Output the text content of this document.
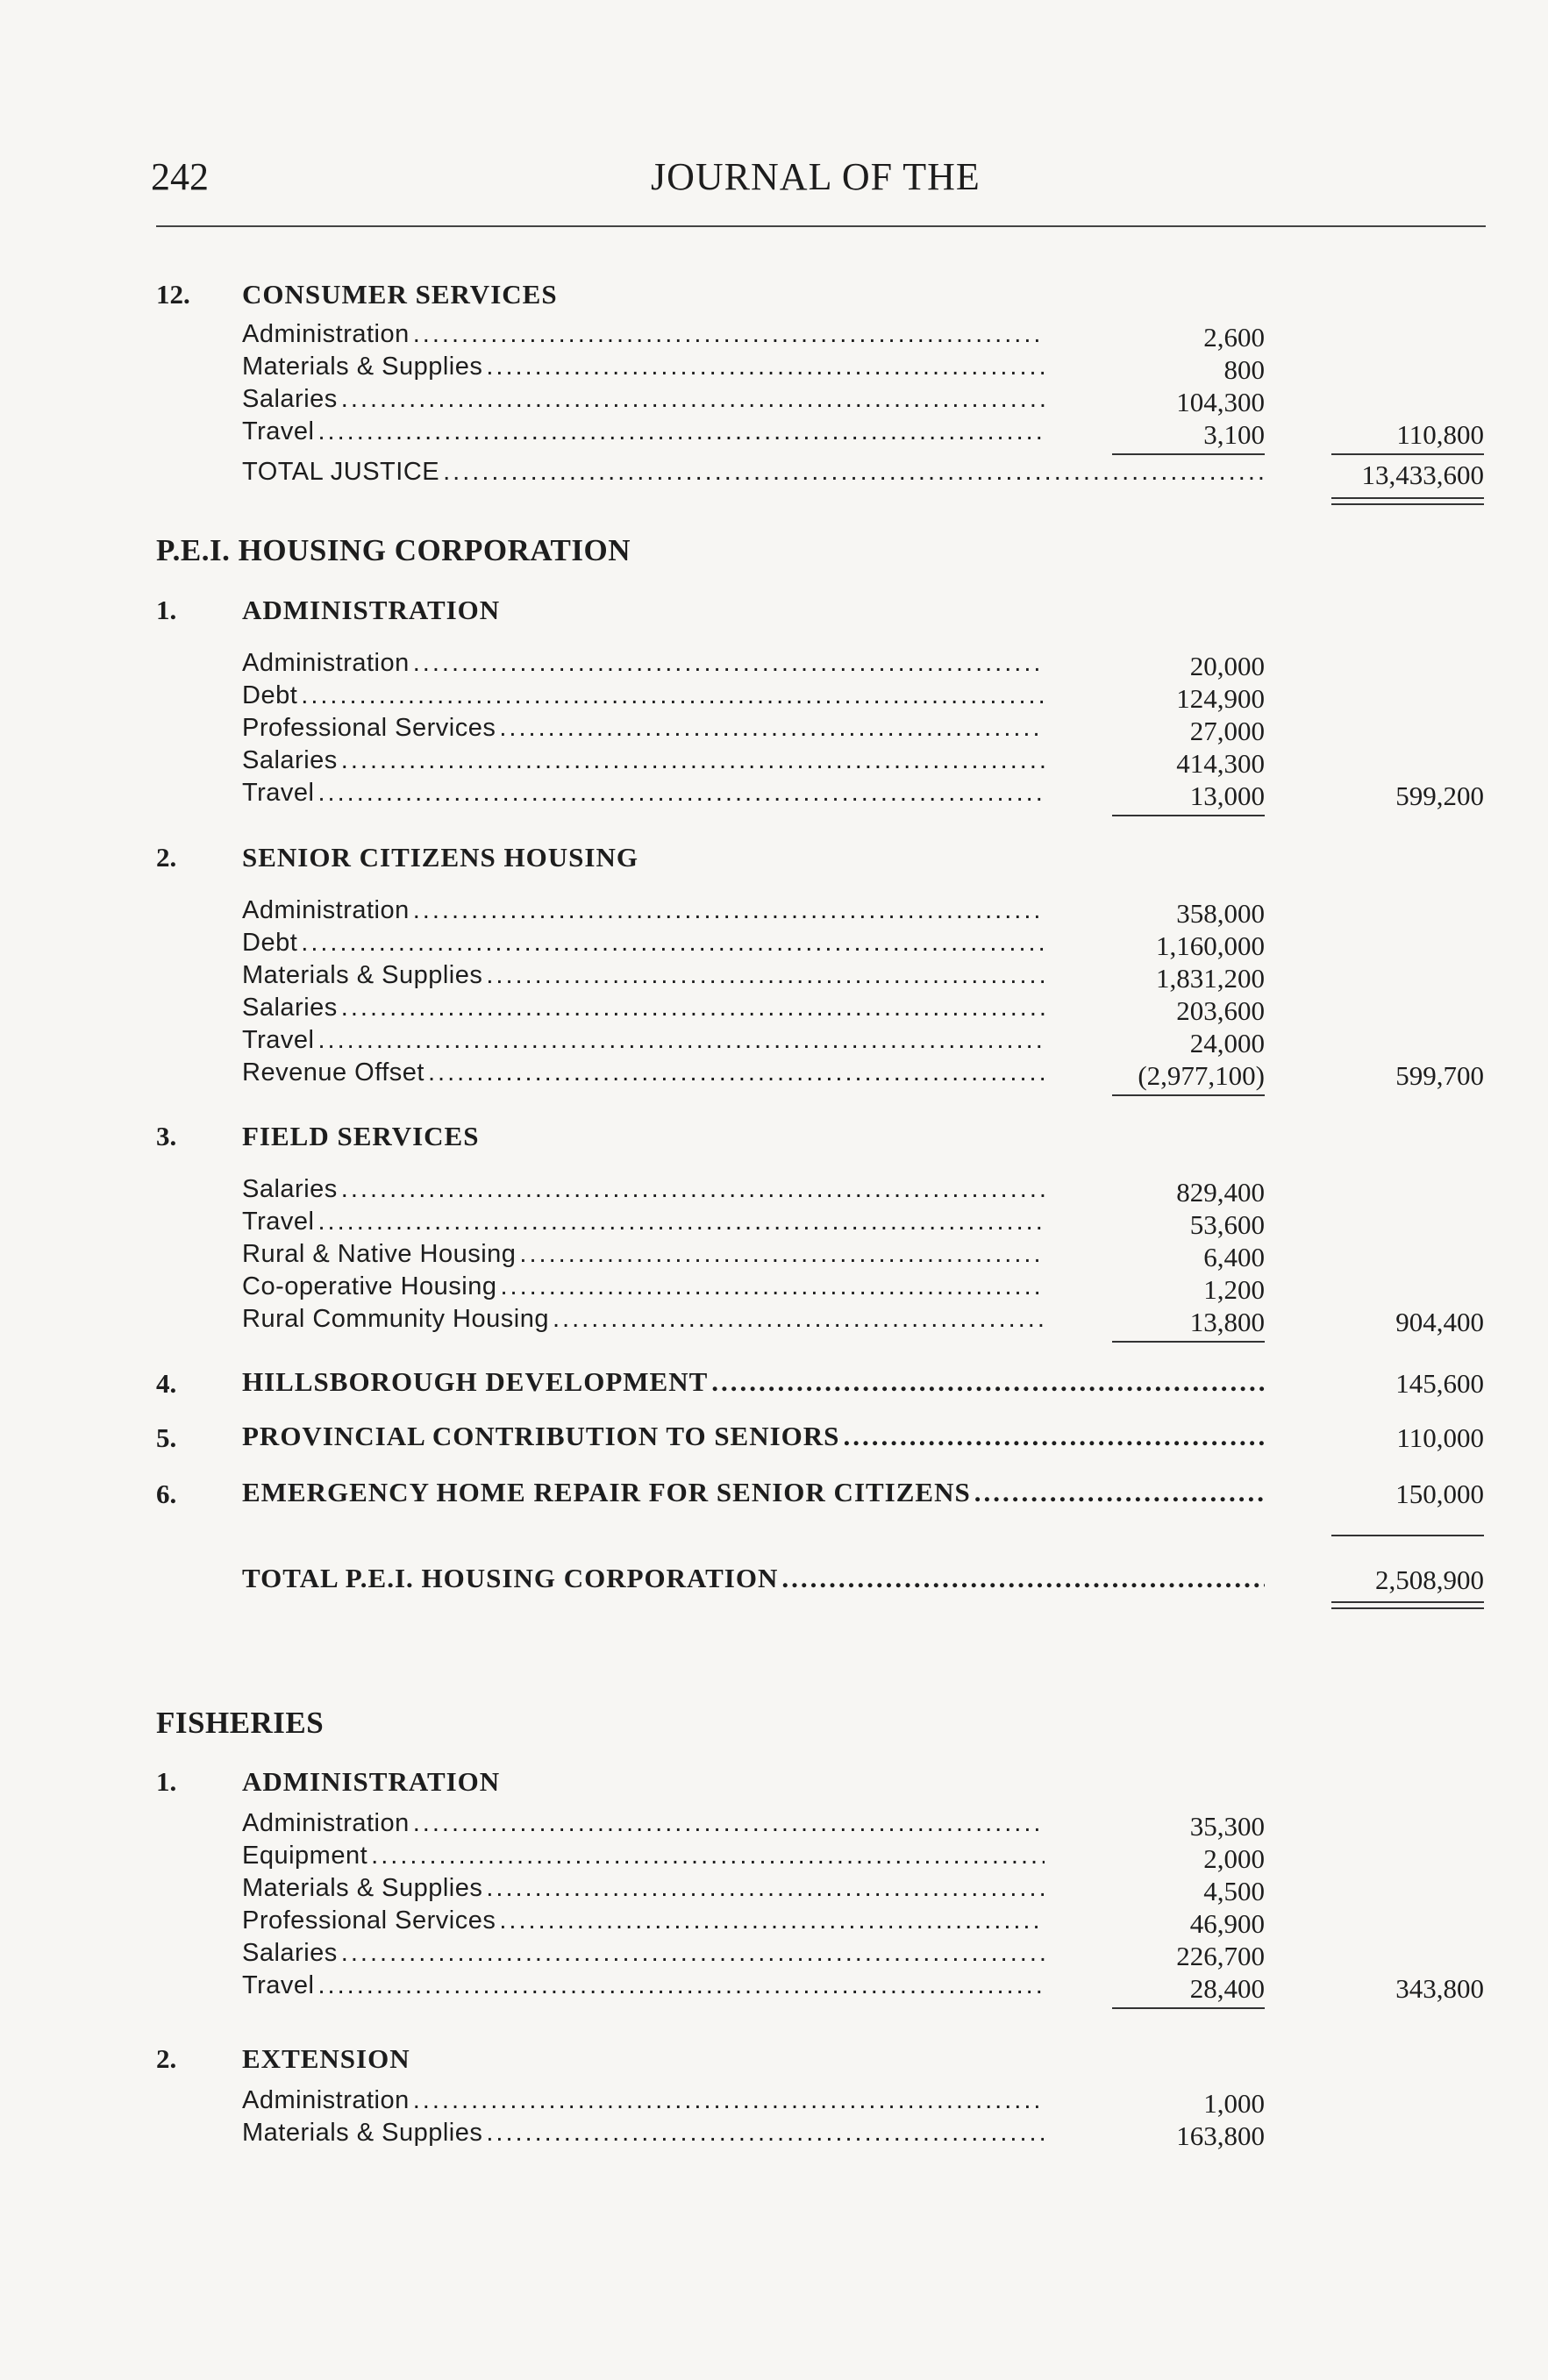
242	JOURNAL OF THE
12. CONSUMER SERVICES
Administration .....	2,600
Materials & Supplies .....	800
Salaries .....	104,300
Travel .....	3,100	110,800
TOTAL JUSTICE .....	13,433,600
P.E.I. HOUSING CORPORATION
1. ADMINISTRATION
Administration .....	20,000
Debt .....	124,900
Professional Services .....	27,000
Salaries .....	414,300
Travel .....	13,000	599,200
2. SENIOR CITIZENS HOUSING
Administration .....	358,000
Debt .....	1,160,000
Materials & Supplies .....	1,831,200
Salaries .....	203,600
Travel .....	24,000
Revenue Offset .....	(2,977,100)	599,700
3. FIELD SERVICES
Salaries .....	829,400
Travel .....	53,600
Rural & Native Housing .....	6,400
Co-operative Housing .....	1,200
Rural Community Housing .....	13,800	904,400
4. HILLSBOROUGH DEVELOPMENT .....	145,600
5. PROVINCIAL CONTRIBUTION TO SENIORS .....	110,000
6. EMERGENCY HOME REPAIR FOR SENIOR CITIZENS .....	150,000
TOTAL P.E.I. HOUSING CORPORATION .....	2,508,900
FISHERIES
1. ADMINISTRATION
Administration .....	35,300
Equipment .....	2,000
Materials & Supplies .....	4,500
Professional Services .....	46,900
Salaries .....	226,700
Travel .....	28,400	343,800
2. EXTENSION
Administration .....	1,000
Materials & Supplies .....	163,800
